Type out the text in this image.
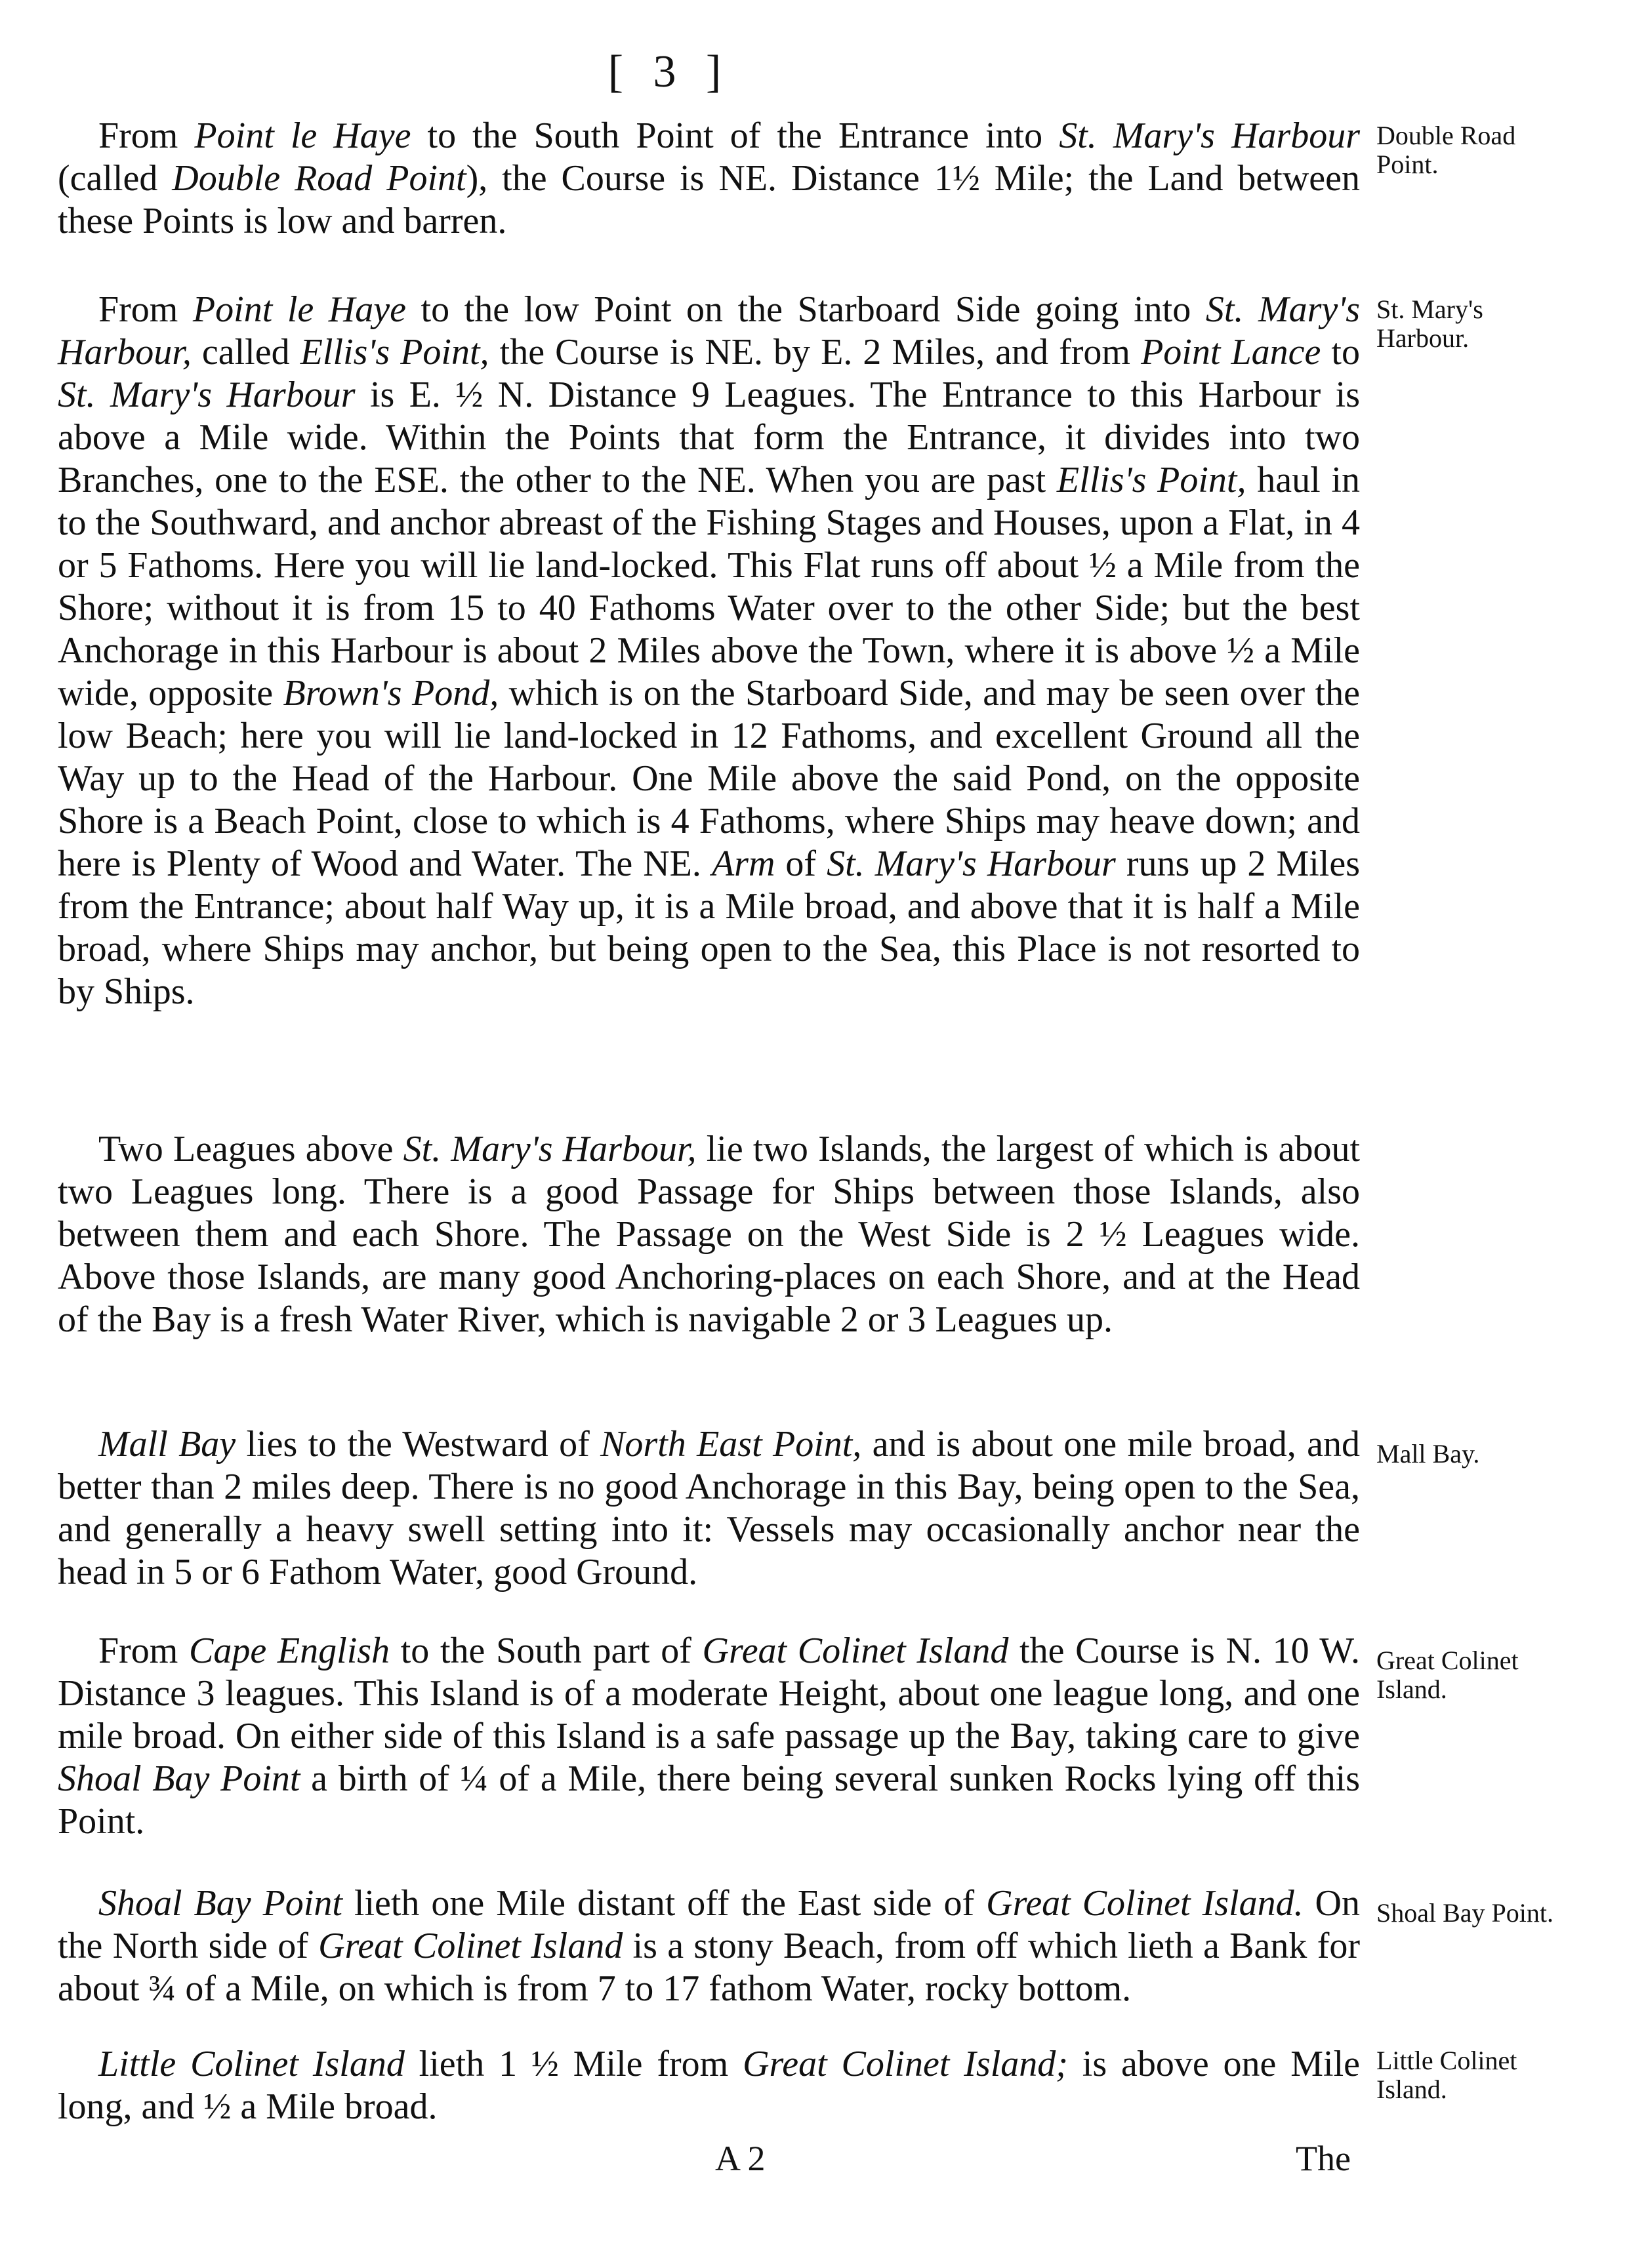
[ 3 ]

From Point le Haye to the South Point of the Entrance into St. Mary's Harbour (called Double Road Point), the Course is NE. Distance 1½ Mile; the Land between these Points is low and barren.

Double Road Point.

From Point le Haye to the low Point on the Starboard Side going into St. Mary's Harbour, called Ellis's Point, the Course is NE. by E. 2 Miles, and from Point Lance to St. Mary's Harbour is E. ½ N. Distance 9 Leagues. The Entrance to this Harbour is above a Mile wide. Within the Points that form the Entrance, it divides into two Branches, one to the ESE. the other to the NE. When you are past Ellis's Point, haul in to the Southward, and anchor abreast of the Fishing Stages and Houses, upon a Flat, in 4 or 5 Fathoms. Here you will lie land-locked. This Flat runs off about ½ a Mile from the Shore; without it is from 15 to 40 Fathoms Water over to the other Side; but the best Anchorage in this Harbour is about 2 Miles above the Town, where it is above ½ a Mile wide, opposite Brown's Pond, which is on the Starboard Side, and may be seen over the low Beach; here you will lie land-locked in 12 Fathoms, and excellent Ground all the Way up to the Head of the Harbour. One Mile above the said Pond, on the opposite Shore is a Beach Point, close to which is 4 Fathoms, where Ships may heave down; and here is Plenty of Wood and Water. The NE. Arm of St. Mary's Harbour runs up 2 Miles from the Entrance; about half Way up, it is a Mile broad, and above that it is half a Mile broad, where Ships may anchor, but being open to the Sea, this Place is not resorted to by Ships.

St. Mary's Harbour.

Two Leagues above St. Mary's Harbour, lie two Islands, the largest of which is about two Leagues long. There is a good Passage for Ships between those Islands, also between them and each Shore. The Passage on the West Side is 2 ½ Leagues wide. Above those Islands, are many good Anchoring-places on each Shore, and at the Head of the Bay is a fresh Water River, which is navigable 2 or 3 Leagues up.

Mall Bay lies to the Westward of North East Point, and is about one mile broad, and better than 2 miles deep. There is no good Anchorage in this Bay, being open to the Sea, and generally a heavy swell setting into it: Vessels may occasionally anchor near the head in 5 or 6 Fathom Water, good Ground.

Mall Bay.

From Cape English to the South part of Great Colinet Island the Course is N. 10 W. Distance 3 leagues. This Island is of a moderate Height, about one league long, and one mile broad. On either side of this Island is a safe passage up the Bay, taking care to give Shoal Bay Point a birth of ¼ of a Mile, there being several sunken Rocks lying off this Point.

Great Colinet Island.

Shoal Bay Point lieth one Mile distant off the East side of Great Colinet Island. On the North side of Great Colinet Island is a stony Beach, from off which lieth a Bank for about ¾ of a Mile, on which is from 7 to 17 fathom Water, rocky bottom.

Shoal Bay Point.

Little Colinet Island lieth 1 ½ Mile from Great Colinet Island; is above one Mile long, and ½ a Mile broad.

Little Colinet Island.
A 2	The
